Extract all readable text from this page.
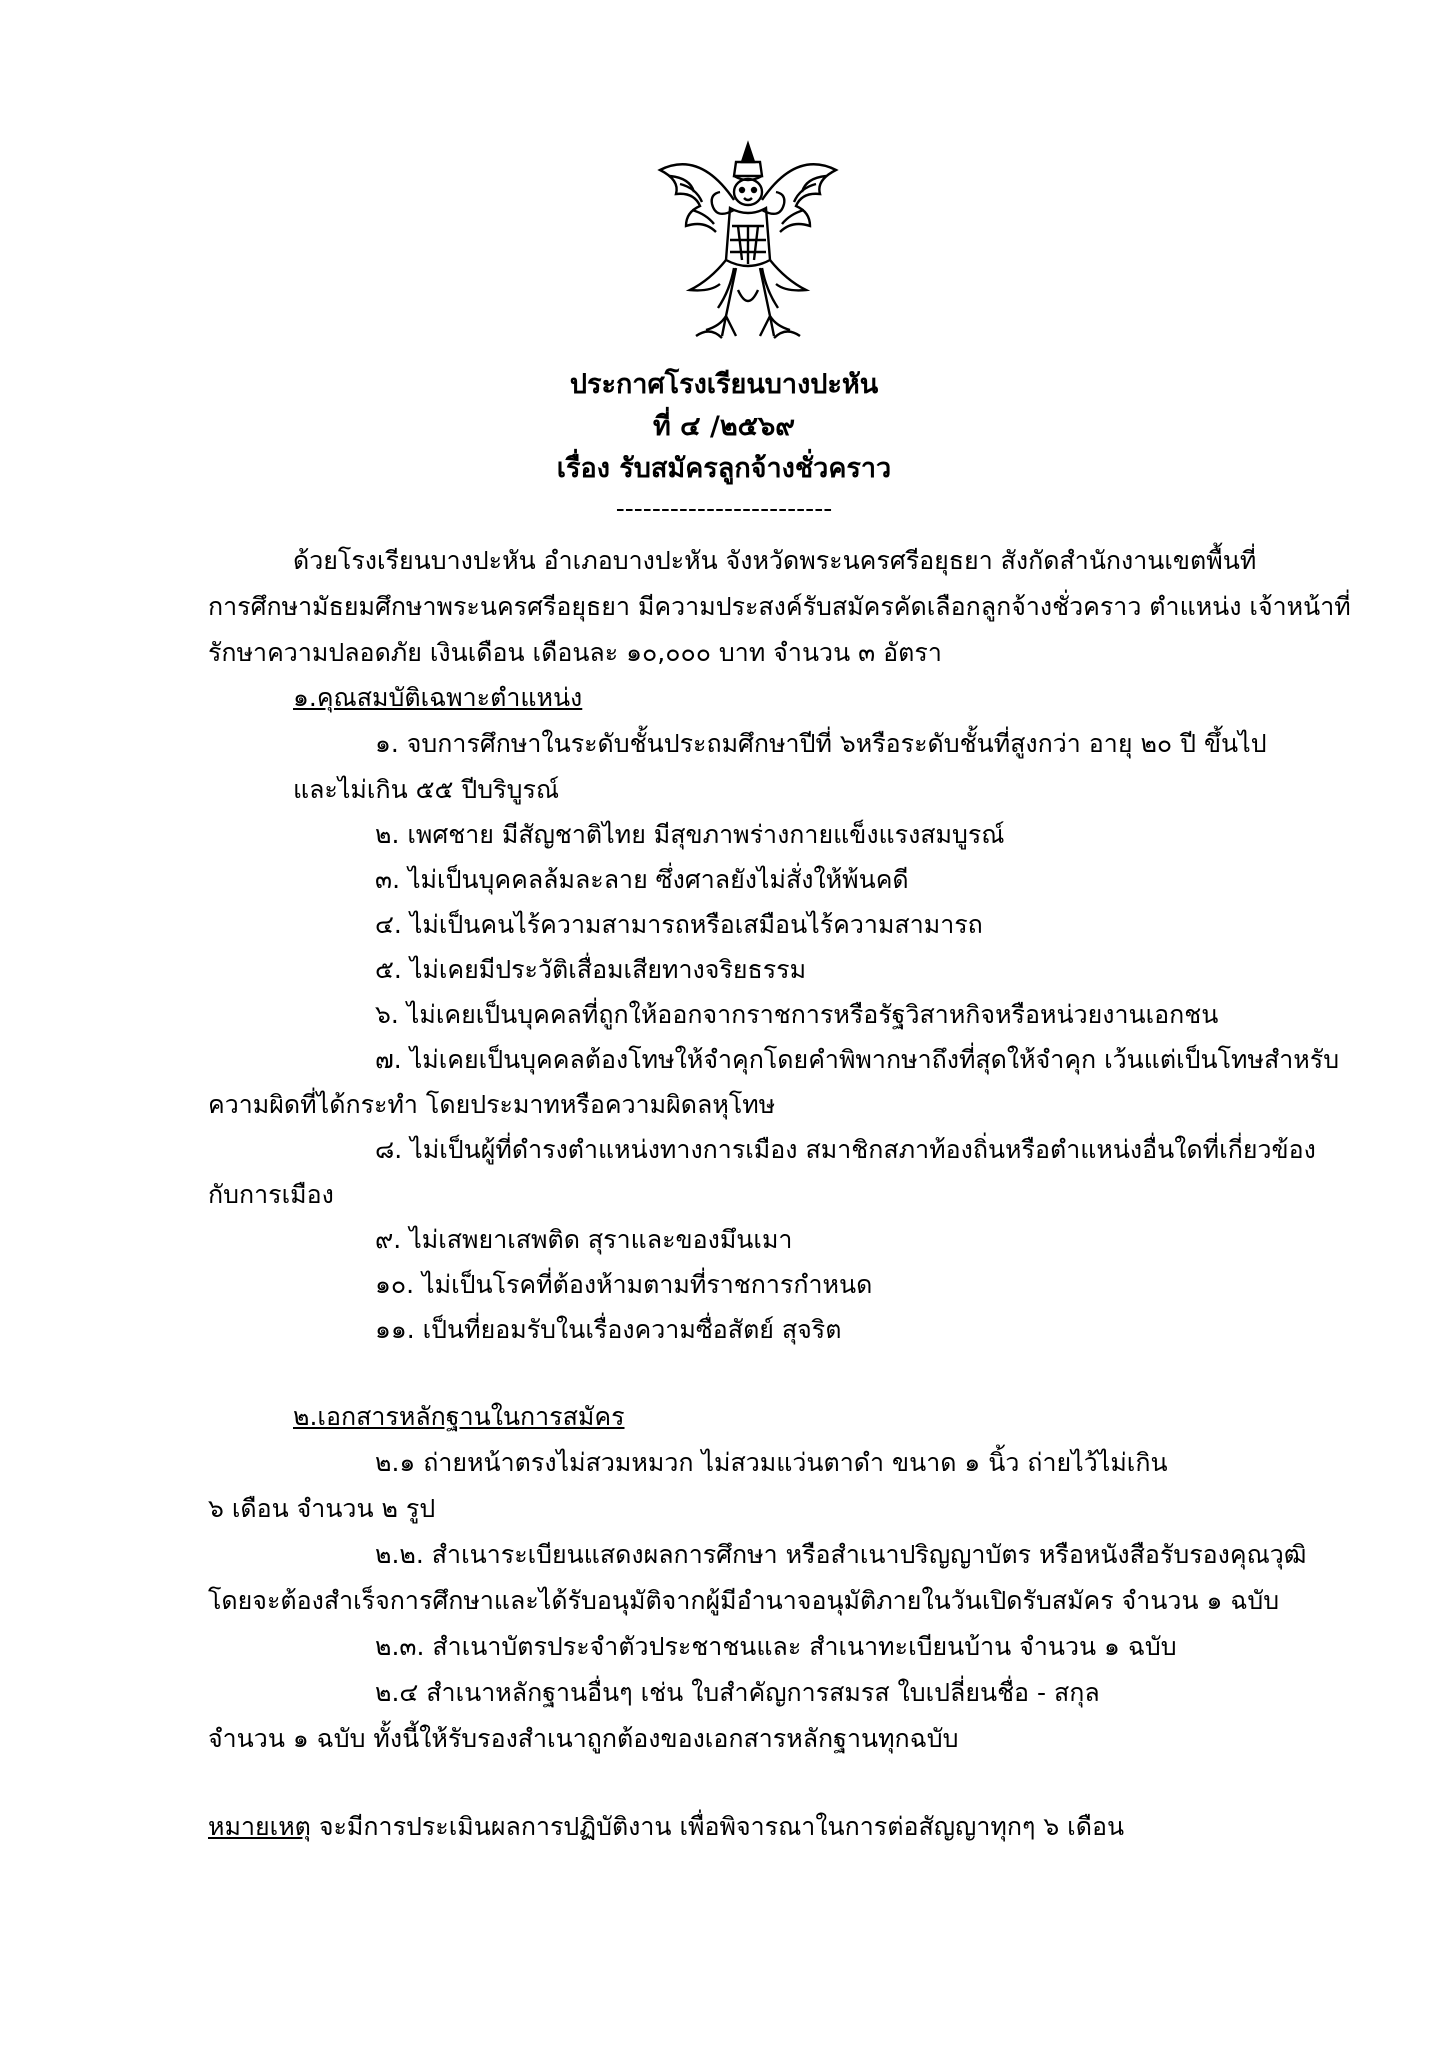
ประกาศโรงเรียนบางปะหัน
ที่ ๔ /๒๕๖๙
เรื่อง รับสมัครลูกจ้างชั่วคราว
------------------------
ด้วยโรงเรียนบางปะหัน อำเภอบางปะหัน จังหวัดพระนครศรีอยุธยา สังกัดสำนักงานเขตพื้นที่
การศึกษามัธยมศึกษาพระนครศรีอยุธยา มีความประสงค์รับสมัครคัดเลือกลูกจ้างชั่วคราว ตำแหน่ง เจ้าหน้าที่
รักษาความปลอดภัย เงินเดือน เดือนละ ๑๐,๐๐๐ บาท จำนวน ๓ อัตรา
๑.คุณสมบัติเฉพาะตำแหน่ง
๑. จบการศึกษาในระดับชั้นประถมศึกษาปีที่ ๖หรือระดับชั้นที่สูงกว่า อายุ ๒๐ ปี ขึ้นไป
และไม่เกิน ๕๕ ปีบริบูรณ์
๒. เพศชาย มีสัญชาติไทย มีสุขภาพร่างกายแข็งแรงสมบูรณ์
๓. ไม่เป็นบุคคลล้มละลาย ซึ่งศาลยังไม่สั่งให้พ้นคดี
๔. ไม่เป็นคนไร้ความสามารถหรือเสมือนไร้ความสามารถ
๕. ไม่เคยมีประวัติเสื่อมเสียทางจริยธรรม
๖. ไม่เคยเป็นบุคคลที่ถูกให้ออกจากราชการหรือรัฐวิสาหกิจหรือหน่วยงานเอกชน
๗. ไม่เคยเป็นบุคคลต้องโทษให้จำคุกโดยคำพิพากษาถึงที่สุดให้จำคุก เว้นแต่เป็นโทษสำหรับ
ความผิดที่ได้กระทำ โดยประมาทหรือความผิดลหุโทษ
๘. ไม่เป็นผู้ที่ดำรงตำแหน่งทางการเมือง สมาชิกสภาท้องถิ่นหรือตำแหน่งอื่นใดที่เกี่ยวข้อง
กับการเมือง
๙. ไม่เสพยาเสพติด สุราและของมึนเมา
๑๐. ไม่เป็นโรคที่ต้องห้ามตามที่ราชการกำหนด
๑๑. เป็นที่ยอมรับในเรื่องความซื่อสัตย์ สุจริต
๒.เอกสารหลักฐานในการสมัคร
๒.๑ ถ่ายหน้าตรงไม่สวมหมวก ไม่สวมแว่นตาดำ ขนาด ๑ นิ้ว ถ่ายไว้ไม่เกิน
๖ เดือน จำนวน ๒ รูป
๒.๒. สำเนาระเบียนแสดงผลการศึกษา หรือสำเนาปริญญาบัตร หรือหนังสือรับรองคุณวุฒิ
โดยจะต้องสำเร็จการศึกษาและได้รับอนุมัติจากผู้มีอำนาจอนุมัติภายในวันเปิดรับสมัคร จำนวน ๑ ฉบับ
๒.๓. สำเนาบัตรประจำตัวประชาชนและ สำเนาทะเบียนบ้าน จำนวน ๑ ฉบับ
๒.๔ สำเนาหลักฐานอื่นๆ เช่น ใบสำคัญการสมรส ใบเปลี่ยนชื่อ - สกุล
จำนวน ๑ ฉบับ ทั้งนี้ให้รับรองสำเนาถูกต้องของเอกสารหลักฐานทุกฉบับ
หมายเหตุ จะมีการประเมินผลการปฏิบัติงาน เพื่อพิจารณาในการต่อสัญญาทุกๆ ๖ เดือน
